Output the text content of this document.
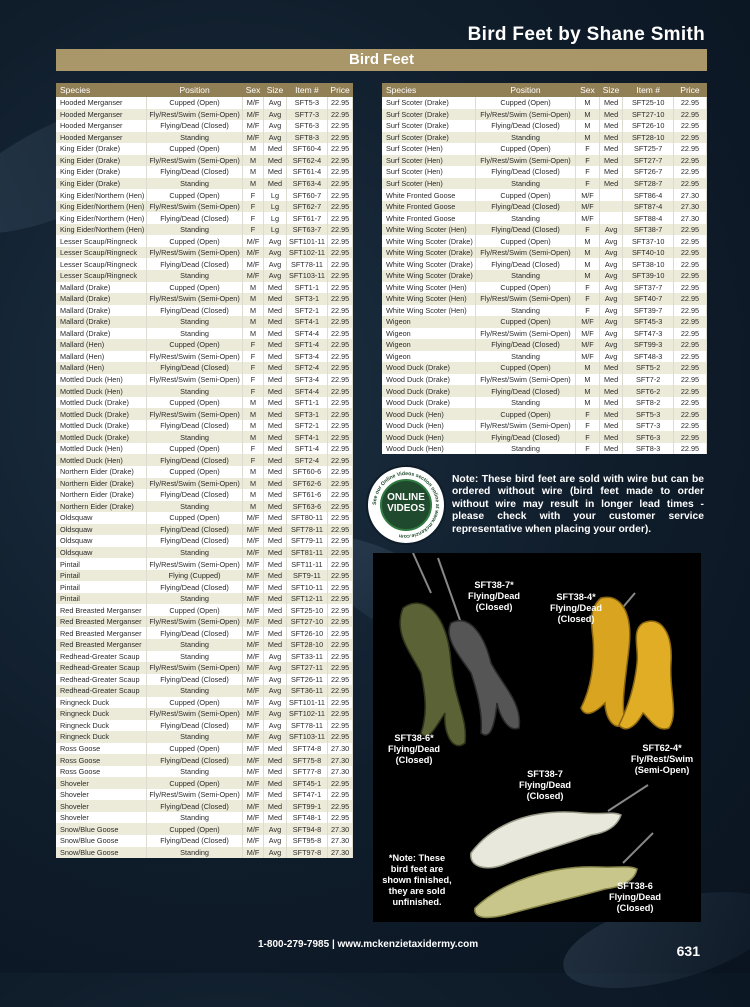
Bird Feet by Shane Smith
Bird Feet
Species	Position	Sex	Size	Item #	Price
Hooded Merganser	Cupped (Open)	M/F	Avg	SFT5-3	22.95
Hooded Merganser	Fly/Rest/Swim (Semi-Open)	M/F	Avg	SFT7-3	22.95
Hooded Merganser	Flying/Dead (Closed)	M/F	Avg	SFT6-3	22.95
Hooded Merganser	Standing	M/F	Avg	SFT8-3	22.95
King Eider (Drake)	Cupped (Open)	M	Med	SFT60-4	22.95
King Eider (Drake)	Fly/Rest/Swim (Semi-Open)	M	Med	SFT62-4	22.95
King Eider (Drake)	Flying/Dead (Closed)	M	Med	SFT61-4	22.95
King Eider (Drake)	Standing	M	Med	SFT63-4	22.95
King Eider/Northern (Hen)	Cupped (Open)	F	Lg	SFT60-7	22.95
King Eider/Northern (Hen)	Fly/Rest/Swim (Semi-Open)	F	Lg	SFT62-7	22.95
King Eider/Northern (Hen)	Flying/Dead (Closed)	F	Lg	SFT61-7	22.95
King Eider/Northern (Hen)	Standing	F	Lg	SFT63-7	22.95
Lesser Scaup/Ringneck	Cupped (Open)	M/F	Avg	SFT101-11	22.95
Lesser Scaup/Ringneck	Fly/Rest/Swim (Semi-Open)	M/F	Avg	SFT102-11	22.95
Lesser Scaup/Ringneck	Flying/Dead (Closed)	M/F	Avg	SFT78-11	22.95
Lesser Scaup/Ringneck	Standing	M/F	Avg	SFT103-11	22.95
Mallard (Drake)	Cupped (Open)	M	Med	SFT1-1	22.95
Mallard (Drake)	Fly/Rest/Swim (Semi-Open)	M	Med	SFT3-1	22.95
Mallard (Drake)	Flying/Dead (Closed)	M	Med	SFT2-1	22.95
Mallard (Drake)	Standing	M	Med	SFT4-1	22.95
Mallard (Drake)	Standing	M	Med	SFT4-4	22.95
Mallard (Hen)	Cupped (Open)	F	Med	SFT1-4	22.95
Mallard (Hen)	Fly/Rest/Swim (Semi-Open)	F	Med	SFT3-4	22.95
Mallard (Hen)	Flying/Dead (Closed)	F	Med	SFT2-4	22.95
Mottled Duck (Hen)	Fly/Rest/Swim (Semi-Open)	F	Med	SFT3-4	22.95
Mottled Duck (Hen)	Standing	F	Med	SFT4-4	22.95
Mottled Duck (Drake)	Cupped (Open)	M	Med	SFT1-1	22.95
Mottled Duck (Drake)	Fly/Rest/Swim (Semi-Open)	M	Med	SFT3-1	22.95
Mottled Duck (Drake)	Flying/Dead (Closed)	M	Med	SFT2-1	22.95
Mottled Duck (Drake)	Standing	M	Med	SFT4-1	22.95
Mottled Duck (Hen)	Cupped (Open)	F	Med	SFT1-4	22.95
Mottled Duck (Hen)	Flying/Dead (Closed)	F	Med	SFT2-4	22.95
Northern Eider (Drake)	Cupped (Open)	M	Med	SFT60-6	22.95
Northern Eider (Drake)	Fly/Rest/Swim (Semi-Open)	M	Med	SFT62-6	22.95
Northern Eider (Drake)	Flying/Dead (Closed)	M	Med	SFT61-6	22.95
Northern Eider (Drake)	Standing	M	Med	SFT63-6	22.95
Oldsquaw	Cupped (Open)	M/F	Med	SFT80-11	22.95
Oldsquaw	Flying/Dead (Closed)	M/F	Med	SFT78-11	22.95
Oldsquaw	Flying/Dead (Closed)	M/F	Med	SFT79-11	22.95
Oldsquaw	Standing	M/F	Med	SFT81-11	22.95
Pintail	Fly/Rest/Swim (Semi-Open)	M/F	Med	SFT11-11	22.95
Pintail	Flying (Cupped)	M/F	Med	SFT9-11	22.95
Pintail	Flying/Dead (Closed)	M/F	Med	SFT10-11	22.95
Pintail	Standing	M/F	Med	SFT12-11	22.95
Red Breasted Merganser	Cupped (Open)	M/F	Med	SFT25-10	22.95
Red Breasted Merganser	Fly/Rest/Swim (Semi-Open)	M/F	Med	SFT27-10	22.95
Red Breasted Merganser	Flying/Dead (Closed)	M/F	Med	SFT26-10	22.95
Red Breasted Merganser	Standing	M/F	Med	SFT28-10	22.95
Redhead-Greater Scaup	Standing	M/F	Avg	SFT33-11	22.95
Redhead-Greater Scaup	Fly/Rest/Swim (Semi-Open)	M/F	Avg	SFT27-11	22.95
Redhead-Greater Scaup	Flying/Dead (Closed)	M/F	Avg	SFT26-11	22.95
Redhead-Greater Scaup	Standing	M/F	Avg	SFT36-11	22.95
Ringneck Duck	Cupped (Open)	M/F	Avg	SFT101-11	22.95
Ringneck Duck	Fly/Rest/Swim (Semi-Open)	M/F	Avg	SFT102-11	22.95
Ringneck Duck	Flying/Dead (Closed)	M/F	Avg	SFT78-11	22.95
Ringneck Duck	Standing	M/F	Avg	SFT103-11	22.95
Ross Goose	Cupped (Open)	M/F	Med	SFT74-8	27.30
Ross Goose	Flying/Dead (Closed)	M/F	Med	SFT75-8	27.30
Ross Goose	Standing	M/F	Med	SFT77-8	27.30
Shoveler	Cupped (Open)	M/F	Med	SFT45-1	22.95
Shoveler	Fly/Rest/Swim (Semi-Open)	M/F	Med	SFT47-1	22.95
Shoveler	Flying/Dead (Closed)	M/F	Med	SFT99-1	22.95
Shoveler	Standing	M/F	Med	SFT48-1	22.95
Snow/Blue Goose	Cupped (Open)	M/F	Avg	SFT94-8	27.30
Snow/Blue Goose	Flying/Dead (Closed)	M/F	Avg	SFT95-8	27.30
Snow/Blue Goose	Standing	M/F	Avg	SFT97-8	27.30
Species	Position	Sex	Size	Item #	Price
Surf Scoter (Drake)	Cupped (Open)	M	Med	SFT25-10	22.95
Surf Scoter (Drake)	Fly/Rest/Swim (Semi-Open)	M	Med	SFT27-10	22.95
Surf Scoter (Drake)	Flying/Dead (Closed)	M	Med	SFT26-10	22.95
Surf Scoter (Drake)	Standing	M	Med	SFT28-10	22.95
Surf Scoter (Hen)	Cupped (Open)	F	Med	SFT25-7	22.95
Surf Scoter (Hen)	Fly/Rest/Swim (Semi-Open)	F	Med	SFT27-7	22.95
Surf Scoter (Hen)	Flying/Dead (Closed)	F	Med	SFT26-7	22.95
Surf Scoter (Hen)	Standing	F	Med	SFT28-7	22.95
White Fronted Goose	Cupped (Open)	M/F		SFT86-4	27.30
White Fronted Goose	Flying/Dead (Closed)	M/F		SFT87-4	27.30
White Fronted Goose	Standing	M/F		SFT88-4	27.30
White Wing Scoter (Hen)	Flying/Dead (Closed)	F	Avg	SFT38-7	22.95
White Wing Scoter (Drake)	Cupped (Open)	M	Avg	SFT37-10	22.95
White Wing Scoter (Drake)	Fly/Rest/Swim (Semi-Open)	M	Avg	SFT40-10	22.95
White Wing Scoter (Drake)	Flying/Dead (Closed)	M	Avg	SFT38-10	22.95
White Wing Scoter (Drake)	Standing	M	Avg	SFT39-10	22.95
White Wing Scoter (Hen)	Cupped (Open)	F	Avg	SFT37-7	22.95
White Wing Scoter (Hen)	Fly/Rest/Swim (Semi-Open)	F	Avg	SFT40-7	22.95
White Wing Scoter (Hen)	Standing	F	Avg	SFT39-7	22.95
Wigeon	Cupped (Open)	M/F	Avg	SFT45-3	22.95
Wigeon	Fly/Rest/Swim (Semi-Open)	M/F	Avg	SFT47-3	22.95
Wigeon	Flying/Dead (Closed)	M/F	Avg	SFT99-3	22.95
Wigeon	Standing	M/F	Avg	SFT48-3	22.95
Wood Duck (Drake)	Cupped (Open)	M	Med	SFT5-2	22.95
Wood Duck (Drake)	Fly/Rest/Swim (Semi-Open)	M	Med	SFT7-2	22.95
Wood Duck (Drake)	Flying/Dead (Closed)	M	Med	SFT6-2	22.95
Wood Duck (Drake)	Standing	M	Med	SFT8-2	22.95
Wood Duck (Hen)	Cupped (Open)	F	Med	SFT5-3	22.95
Wood Duck (Hen)	Fly/Rest/Swim (Semi-Open)	F	Med	SFT7-3	22.95
Wood Duck (Hen)	Flying/Dead (Closed)	F	Med	SFT6-3	22.95
Wood Duck (Hen)	Standing	F	Med	SFT8-3	22.95
See our Online Videos section online at www.mckenzie.com
ONLINE
VIDEOS
Note: These bird feet are sold with wire but can be ordered without wire (bird feet made to order without wire may result in longer lead times - please check with your customer service representative when placing your order).
SFT38-7*
Flying/Dead
(Closed)
SFT38-4*
Flying/Dead
(Closed)
SFT38-6*
Flying/Dead
(Closed)
SFT62-4*
Fly/Rest/Swim
(Semi-Open)
SFT38-7
Flying/Dead
(Closed)
SFT38-6
Flying/Dead
(Closed)
*Note: These bird feet are shown finished, they are sold unfinished.
1-800-279-7985 | www.mckenzietaxidermy.com	631
